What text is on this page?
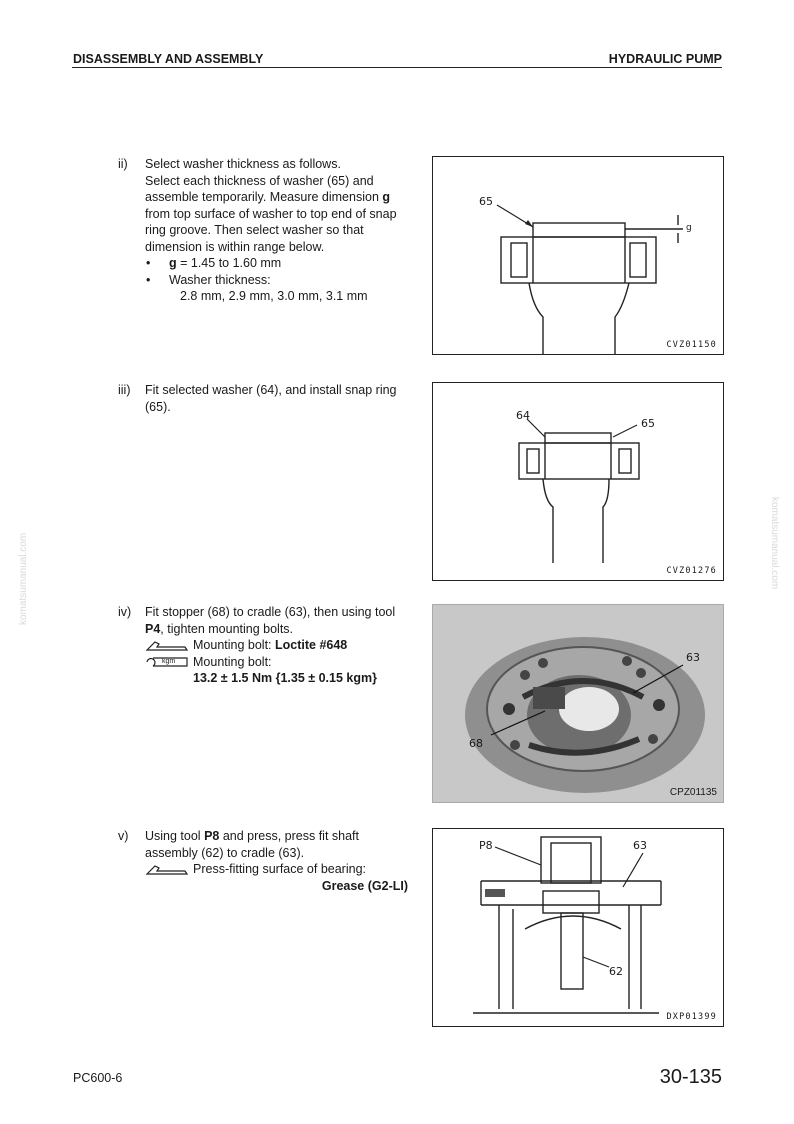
DISASSEMBLY AND ASSEMBLY	HYDRAULIC PUMP
komatsumanual.com	komatsumanual.com
ii) Select washer thickness as follows.
Select each thickness of washer (65) and assemble temporarily. Measure dimension g from top surface of washer to top end of snap ring groove. Then select washer so that dimension is within range below.
• g = 1.45 to 1.60 mm
• Washer thickness:
2.8 mm, 2.9 mm, 3.0 mm, 3.1 mm
65
g
CVZ01150
iii) Fit selected washer (64), and install snap ring (65).
64
65
CVZ01276
iv) Fit stopper (68) to cradle (63), then using tool P4, tighten mounting bolts.
Mounting bolt: Loctite #648
kgm Mounting bolt:
13.2 ± 1.5 Nm {1.35 ± 0.15 kgm}
63
68
CPZ01135
v) Using tool P8 and press, press fit shaft assembly (62) to cradle (63).
Press-fitting surface of bearing:
Grease (G2-LI)
P8	63
62
DXP01399
PC600-6	30-135
